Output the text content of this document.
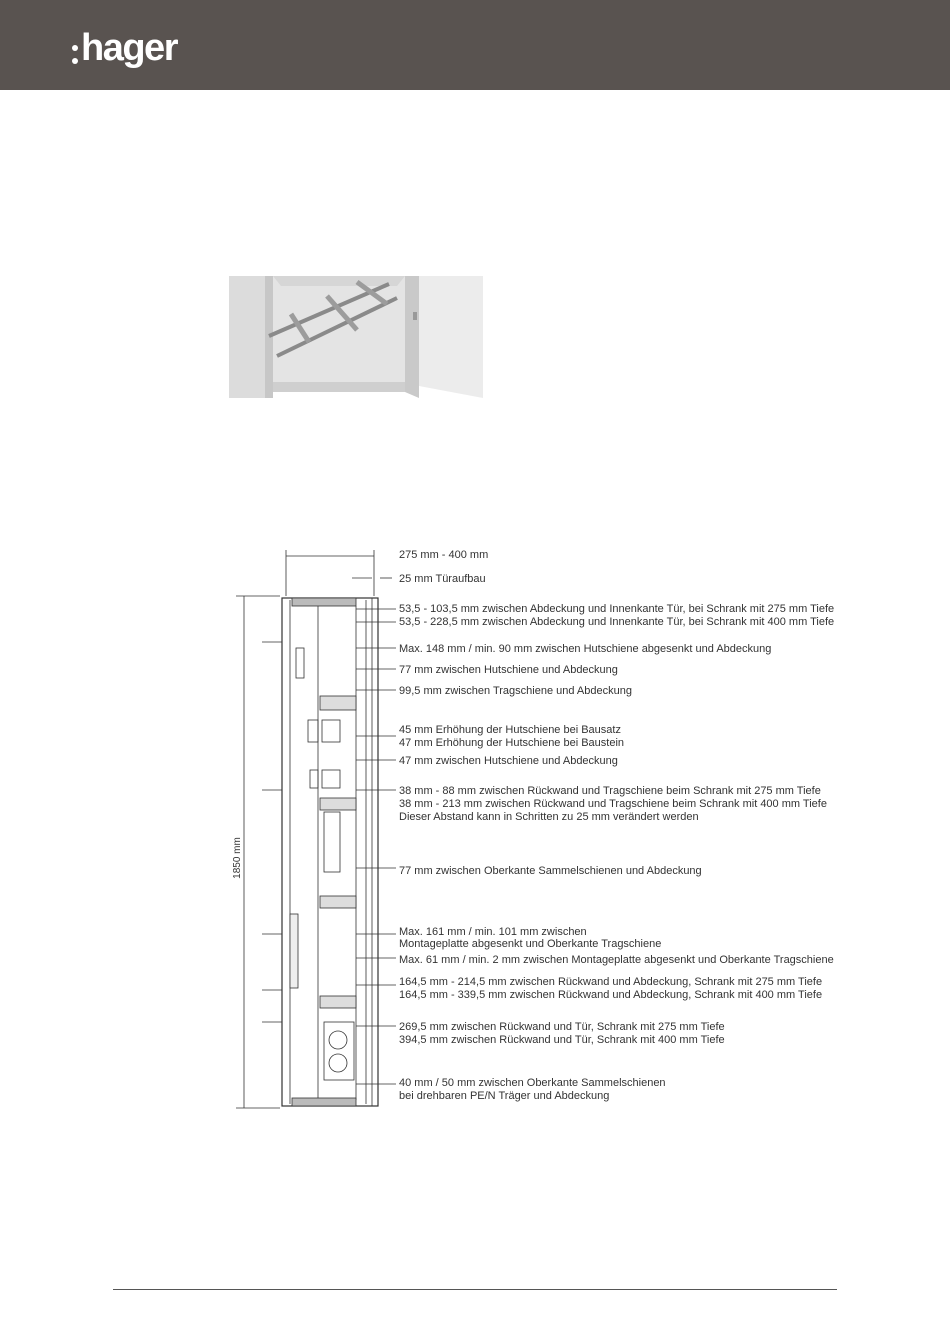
hager
1850 mm
275 mm - 400 mm
25 mm Türaufbau
53,5 - 103,5 mm zwischen Abdeckung und Innenkante Tür, bei Schrank mit 275 mm Tiefe
53,5 - 228,5 mm zwischen Abdeckung und Innenkante Tür, bei Schrank mit 400 mm Tiefe
Max. 148 mm / min. 90 mm zwischen Hutschiene abgesenkt und Abdeckung
77 mm zwischen Hutschiene und Abdeckung
99,5 mm zwischen Tragschiene und Abdeckung
45 mm Erhöhung der Hutschiene bei Bausatz
47 mm Erhöhung der Hutschiene bei Baustein
47 mm zwischen Hutschiene und Abdeckung
38 mm - 88 mm zwischen Rückwand und Tragschiene beim Schrank mit 275 mm Tiefe
38 mm - 213 mm zwischen Rückwand und Tragschiene beim Schrank mit 400 mm Tiefe
Dieser Abstand kann in Schritten zu 25 mm verändert werden
77 mm zwischen Oberkante Sammelschienen und Abdeckung
Max. 161 mm / min. 101 mm zwischen
Montageplatte abgesenkt und Oberkante Tragschiene
Max. 61 mm / min. 2 mm zwischen Montageplatte abgesenkt und Oberkante Tragschiene
164,5 mm - 214,5 mm zwischen Rückwand und Abdeckung, Schrank mit 275 mm Tiefe
164,5 mm - 339,5 mm zwischen Rückwand und Abdeckung, Schrank mit 400 mm Tiefe
269,5 mm zwischen Rückwand und Tür, Schrank mit 275 mm Tiefe
394,5 mm zwischen Rückwand und Tür, Schrank mit 400 mm Tiefe
40 mm / 50 mm zwischen Oberkante Sammelschienen
bei drehbaren PE/N Träger und Abdeckung
